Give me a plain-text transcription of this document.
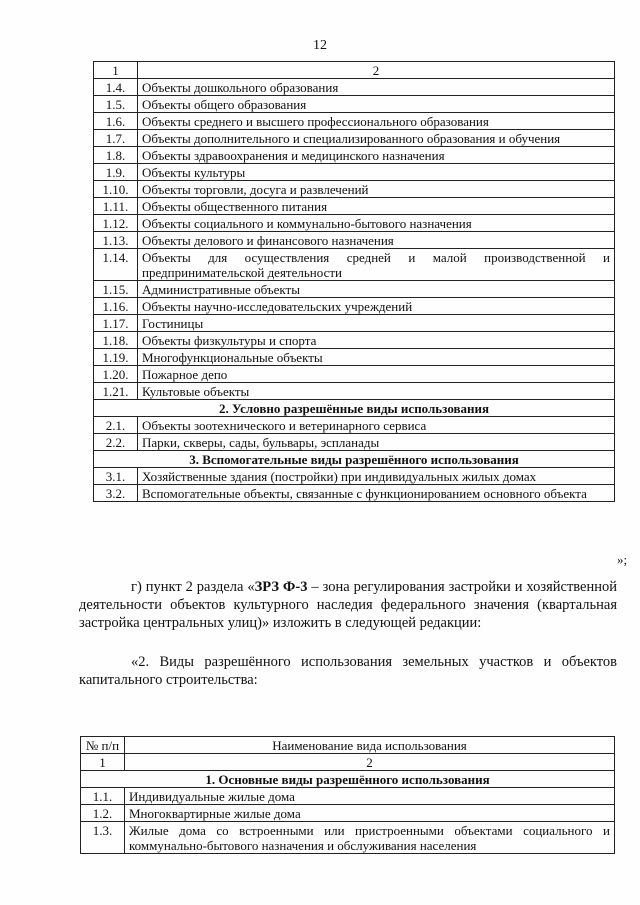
12
1	2
1.4.	Объекты дошкольного образования
1.5.	Объекты общего образования
1.6.	Объекты среднего и высшего профессионального образования
1.7.	Объекты дополнительного и специализированного образования и обучения
1.8.	Объекты здравоохранения и медицинского назначения
1.9.	Объекты культуры
1.10.	Объекты торговли, досуга и развлечений
1.11.	Объекты общественного питания
1.12.	Объекты социального и коммунально-бытового назначения
1.13.	Объекты делового и финансового назначения
1.14.	Объекты для осуществления средней и малой производственной и предпринимательской деятельности
1.15.	Административные объекты
1.16.	Объекты научно-исследовательских учреждений
1.17.	Гостиницы
1.18.	Объекты физкультуры и спорта
1.19.	Многофункциональные объекты
1.20.	Пожарное депо
1.21.	Культовые объекты
2. Условно разрешённые виды использования	
2.1.	Объекты зоотехнического и ветеринарного сервиса
2.2.	Парки, скверы, сады, бульвары, эспланады
3. Вспомогательные виды разрешённого использования	
3.1.	Хозяйственные здания (постройки) при индивидуальных жилых домах
3.2.	Вспомогательные объекты, связанные с функционированием основного объекта
»;
г) пункт 2 раздела «ЗРЗ Ф-3 – зона регулирования застройки и хозяйственной деятельности объектов культурного наследия федерального значения (квартальная застройка центральных улиц)» изложить в следующей редакции:
«2. Виды разрешённого использования земельных участков и объектов капитального строительства:
№ п/п	Наименование вида использования
1	2
1. Основные виды разрешённого использования	
1.1.	Индивидуальные жилые дома
1.2.	Многоквартирные жилые дома
1.3.	Жилые дома со встроенными или пристроенными объектами социального и коммунально-бытового назначения и обслуживания населения
